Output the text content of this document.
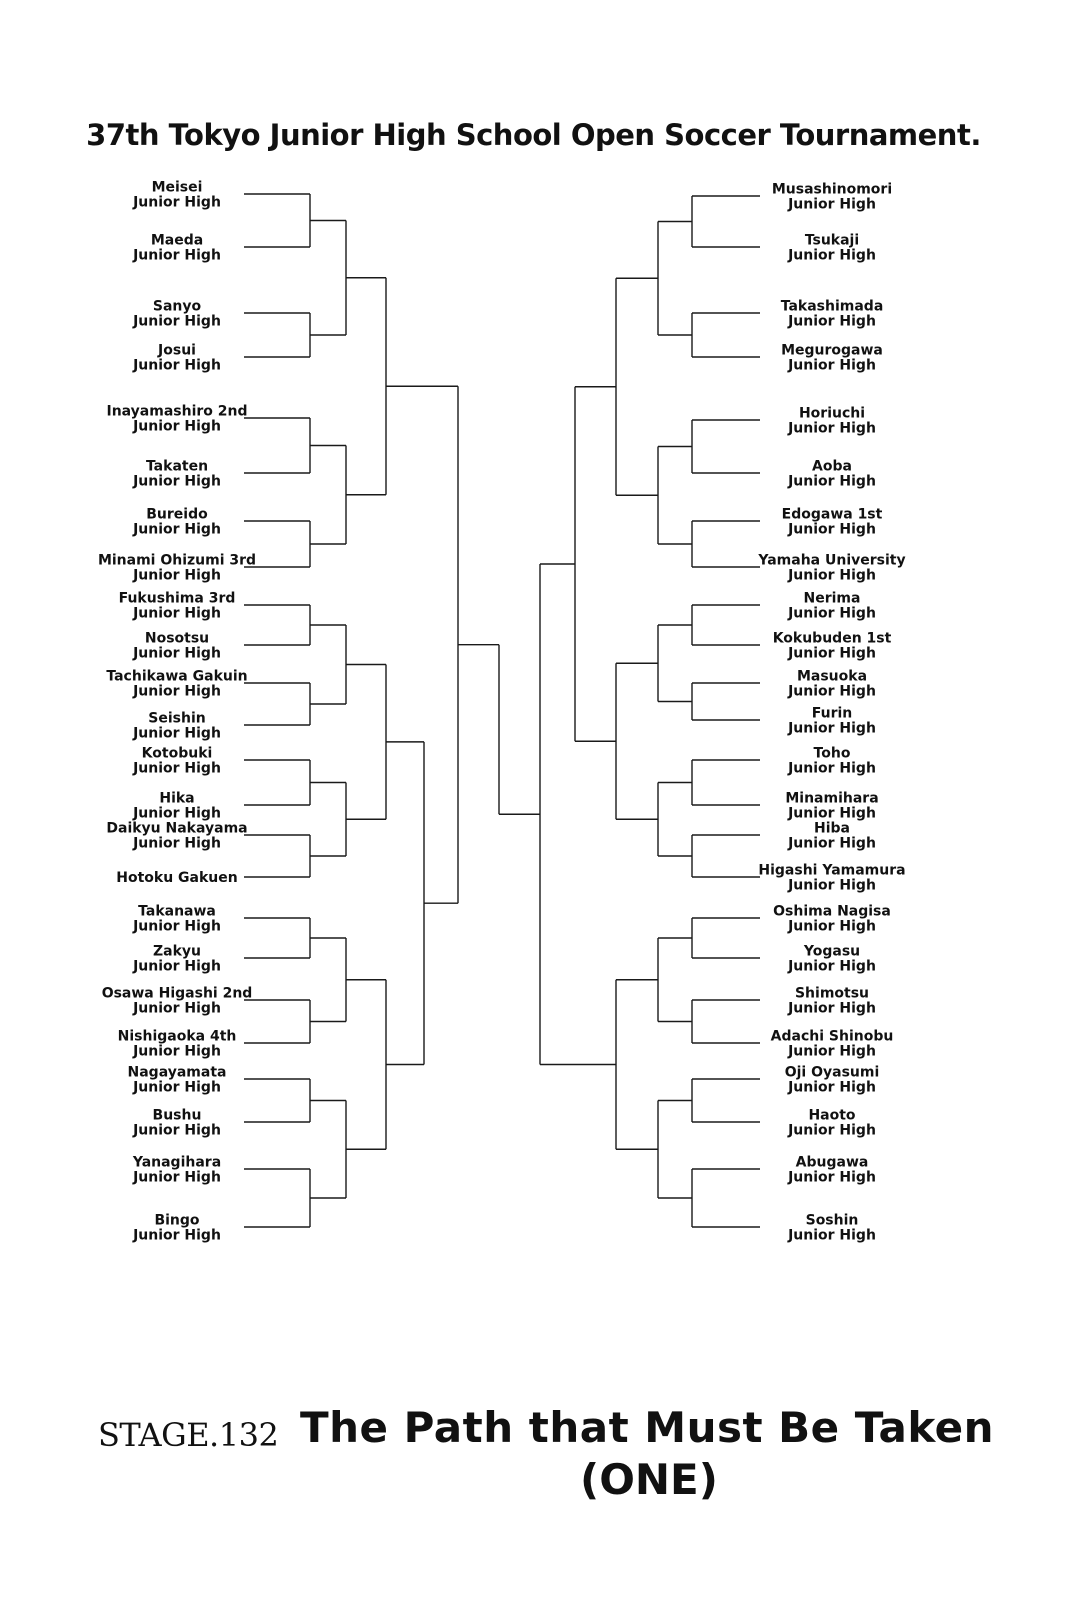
37th Tokyo Junior High School Open Soccer Tournament.
Meisei Junior High
Maeda Junior High
Sanyo Junior High
Josui Junior High
Inayamashiro 2nd Junior High
Takaten Junior High
Bureido Junior High
Minami Ohizumi 3rd Junior High
Fukushima 3rd Junior High
Nosotsu Junior High
Tachikawa Gakuin Junior High
Seishin Junior High
Kotobuki Junior High
Hika Junior High
Daikyu Nakayama Junior High
Hotoku Gakuen
Takanawa Junior High
Zakyu Junior High
Osawa Higashi 2nd Junior High
Nishigaoka 4th Junior High
Nagayamata Junior High
Bushu Junior High
Yanagihara Junior High
Bingo Junior High
Musashinomori Junior High
Tsukaji Junior High
Takashimada Junior High
Megurogawa Junior High
Horiuchi Junior High
Aoba Junior High
Edogawa 1st Junior High
Yamaha University Junior High
Nerima Junior High
Kokubuden 1st Junior High
Masuoka Junior High
Furin Junior High
Toho Junior High
Minamihara Junior High
Hiba Junior High
Higashi Yamamura Junior High
Oshima Nagisa Junior High
Yogasu Junior High
Shimotsu Junior High
Adachi Shinobu Junior High
Oji Oyasumi Junior High
Haoto Junior High
Abugawa Junior High
Soshin Junior High
STAGE.132 The Path that Must Be Taken
(ONE)
